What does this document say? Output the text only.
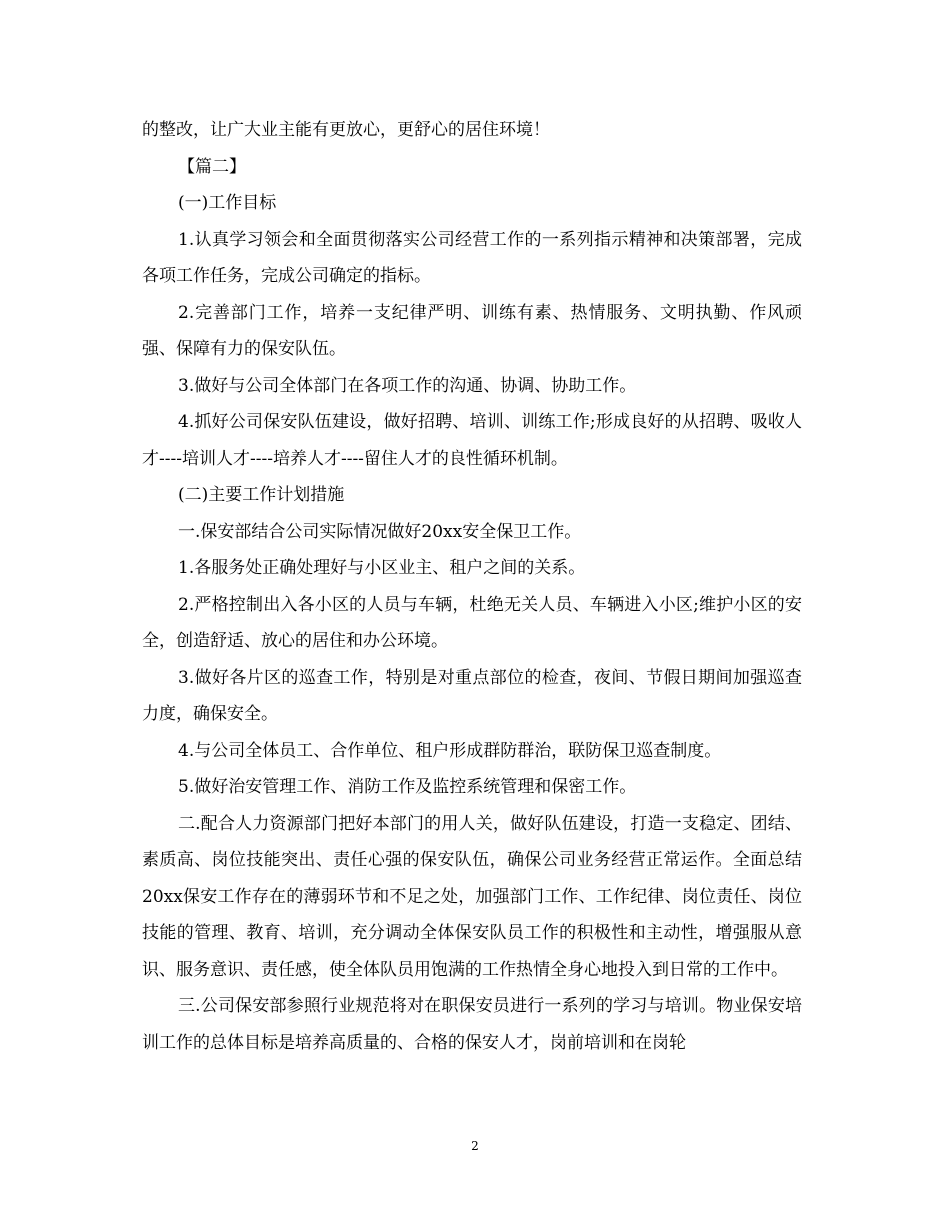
的整改，让广大业主能有更放心，更舒心的居住环境！

【篇二】

(一)工作目标

1.认真学习领会和全面贯彻落实公司经营工作的一系列指示精神和决策部署，完成各项工作任务，完成公司确定的指标。

2.完善部门工作，培养一支纪律严明、训练有素、热情服务、文明执勤、作风顽强、保障有力的保安队伍。

3.做好与公司全体部门在各项工作的沟通、协调、协助工作。

4.抓好公司保安队伍建设，做好招聘、培训、训练工作;形成良好的从招聘、吸收人才----培训人才----培养人才----留住人才的良性循环机制。

(二)主要工作计划措施

一.保安部结合公司实际情况做好20xx安全保卫工作。

1.各服务处正确处理好与小区业主、租户之间的关系。

2.严格控制出入各小区的人员与车辆，杜绝无关人员、车辆进入小区;维护小区的安全，创造舒适、放心的居住和办公环境。

3.做好各片区的巡查工作，特别是对重点部位的检查，夜间、节假日期间加强巡查力度，确保安全。

4.与公司全体员工、合作单位、租户形成群防群治，联防保卫巡查制度。

5.做好治安管理工作、消防工作及监控系统管理和保密工作。

二.配合人力资源部门把好本部门的用人关，做好队伍建设，打造一支稳定、团结、素质高、岗位技能突出、责任心强的保安队伍，确保公司业务经营正常运作。全面总结20xx保安工作存在的薄弱环节和不足之处，加强部门工作、工作纪律、岗位责任、岗位技能的管理、教育、培训，充分调动全体保安队员工作的积极性和主动性，增强服从意识、服务意识、责任感，使全体队员用饱满的工作热情全身心地投入到日常的工作中。

三.公司保安部参照行业规范将对在职保安员进行一系列的学习与培训。物业保安培训工作的总体目标是培养高质量的、合格的保安人才，岗前培训和在岗轮

2
